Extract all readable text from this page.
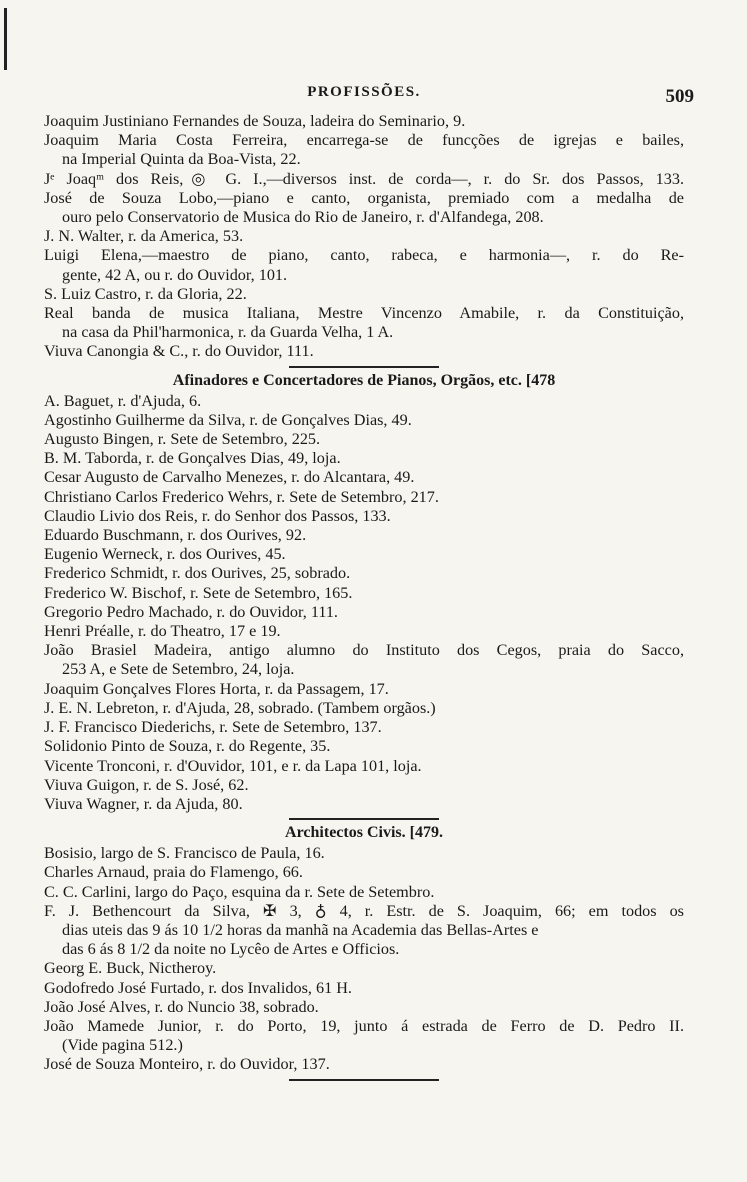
PROFISSÕES.	509
Joaquim Justiniano Fernandes de Souza, ladeira do Seminario, 9.
Joaquim Maria Costa Ferreira, encarrega-se de funcções de igrejas e bailes,
na Imperial Quinta da Boa-Vista, 22.
Jᵉ Joaqᵐ dos Reis,◎ G. I.,—diversos inst. de corda—, r. do Sr. dos Passos, 133.
José de Souza Lobo,—piano e canto, organista, premiado com a medalha de
ouro pelo Conservatorio de Musica do Rio de Janeiro, r. d'Alfandega, 208.
J. N. Walter, r. da America, 53.
Luigi Elena,—maestro de piano, canto, rabeca, e harmonia—, r. do Re-
gente, 42 A, ou r. do Ouvidor, 101.
S. Luiz Castro, r. da Gloria, 22.
Real banda de musica Italiana, Mestre Vincenzo Amabile, r. da Constituição,
na casa da Phil'harmonica, r. da Guarda Velha, 1 A.
Viuva Canongia & C., r. do Ouvidor, 111.
Afinadores e Concertadores de Pianos, Orgãos, etc. [478
A. Baguet, r. d'Ajuda, 6.
Agostinho Guilherme da Silva, r. de Gonçalves Dias, 49.
Augusto Bingen, r. Sete de Setembro, 225.
B. M. Taborda, r. de Gonçalves Dias, 49, loja.
Cesar Augusto de Carvalho Menezes, r. do Alcantara, 49.
Christiano Carlos Frederico Wehrs, r. Sete de Setembro, 217.
Claudio Livio dos Reis, r. do Senhor dos Passos, 133.
Eduardo Buschmann, r. dos Ourives, 92.
Eugenio Werneck, r. dos Ourives, 45.
Frederico Schmidt, r. dos Ourives, 25, sobrado.
Frederico W. Bischof, r. Sete de Setembro, 165.
Gregorio Pedro Machado, r. do Ouvidor, 111.
Henri Préalle, r. do Theatro, 17 e 19.
João Brasiel Madeira, antigo alumno do Instituto dos Cegos, praia do Sacco,
253 A, e Sete de Setembro, 24, loja.
Joaquim Gonçalves Flores Horta, r. da Passagem, 17.
J. E. N. Lebreton, r. d'Ajuda, 28, sobrado. (Tambem orgãos.)
J. F. Francisco Diederichs, r. Sete de Setembro, 137.
Solidonio Pinto de Souza, r. do Regente, 35.
Vicente Tronconi, r. d'Ouvidor, 101, e r. da Lapa 101, loja.
Viuva Guigon, r. de S. José, 62.
Viuva Wagner, r. da Ajuda, 80.
Architectos Civis. [479.
Bosisio, largo de S. Francisco de Paula, 16.
Charles Arnaud, praia do Flamengo, 66.
C. C. Carlini, largo do Paço, esquina da r. Sete de Setembro.
F. J. Bethencourt da Silva, ✠ 3, ♁ 4, r. Estr. de S. Joaquim, 66; em todos os
dias uteis das 9 ás 10 1/2 horas da manhã na Academia das Bellas-Artes e
das 6 ás 8 1/2 da noite no Lycêo de Artes e Officios.
Georg E. Buck, Nictheroy.
Godofredo José Furtado, r. dos Invalidos, 61 H.
João José Alves, r. do Nuncio 38, sobrado.
João Mamede Junior, r. do Porto, 19, junto á estrada de Ferro de D. Pedro II.
(Vide pagina 512.)
José de Souza Monteiro, r. do Ouvidor, 137.
